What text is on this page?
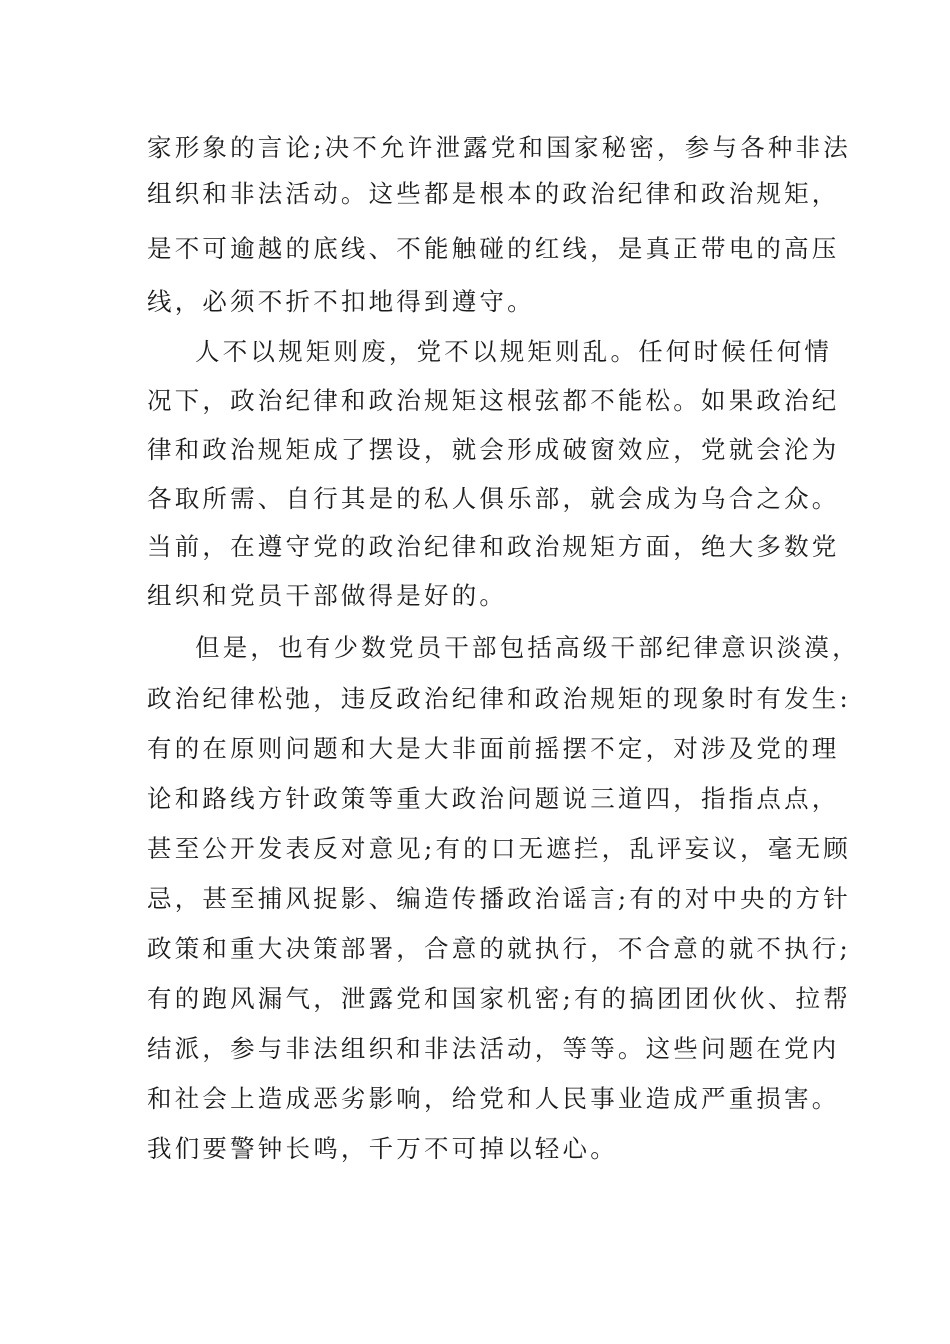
家形象的言论;决不允许泄露党和国家秘密，参与各种非法
组织和非法活动。这些都是根本的政治纪律和政治规矩，
是不可逾越的底线、不能触碰的红线，是真正带电的高压
线，必须不折不扣地得到遵守。
人不以规矩则废，党不以规矩则乱。任何时候任何情
况下，政治纪律和政治规矩这根弦都不能松。如果政治纪
律和政治规矩成了摆设，就会形成破窗效应，党就会沦为
各取所需、自行其是的私人俱乐部，就会成为乌合之众。
当前，在遵守党的政治纪律和政治规矩方面，绝大多数党
组织和党员干部做得是好的。
但是，也有少数党员干部包括高级干部纪律意识淡漠，
政治纪律松弛，违反政治纪律和政治规矩的现象时有发生:
有的在原则问题和大是大非面前摇摆不定，对涉及党的理
论和路线方针政策等重大政治问题说三道四，指指点点，
甚至公开发表反对意见;有的口无遮拦，乱评妄议，毫无顾
忌，甚至捕风捉影、编造传播政治谣言;有的对中央的方针
政策和重大决策部署，合意的就执行，不合意的就不执行;
有的跑风漏气，泄露党和国家机密;有的搞团团伙伙、拉帮
结派，参与非法组织和非法活动，等等。这些问题在党内
和社会上造成恶劣影响，给党和人民事业造成严重损害。
我们要警钟长鸣，千万不可掉以轻心。
